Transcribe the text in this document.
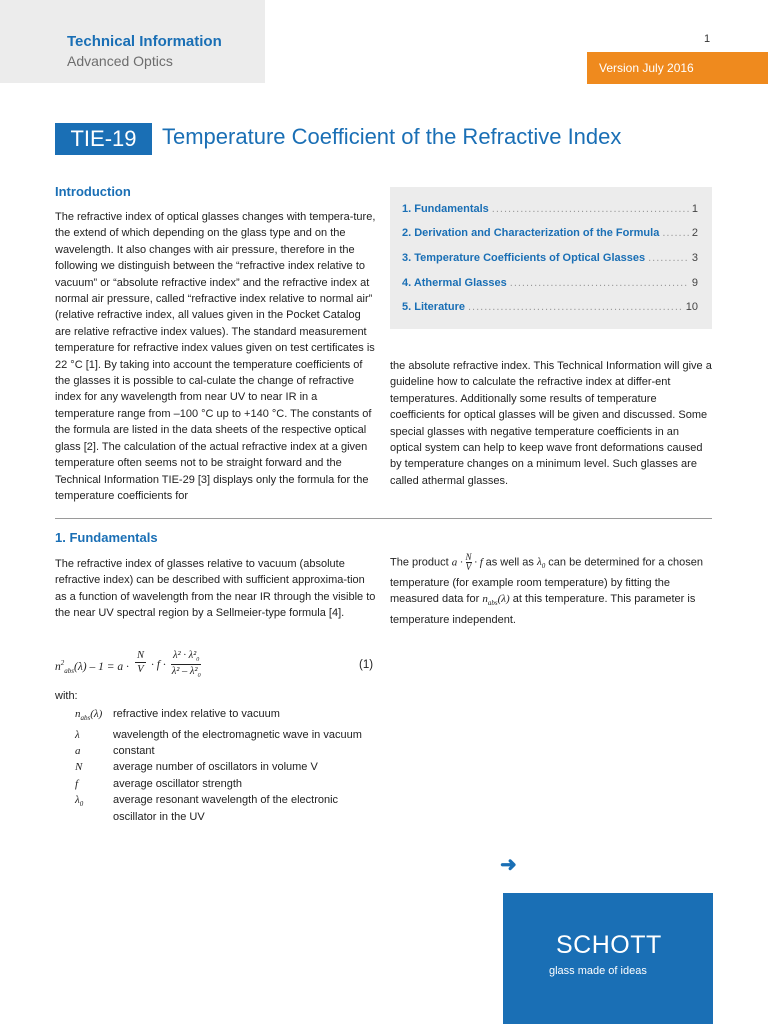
Technical Information
Advanced Optics
1
Version July 2016
TIE-19	Temperature Coefficient of the Refractive Index
Introduction
The refractive index of optical glasses changes with tempera-ture, the extend of which depending on the glass type and on the wavelength. It also changes with air pressure, therefore in the following we distinguish between the “refractive index relative to vacuum” or “absolute refractive index” and the refractive index at normal air pressure, called “refractive index relative to normal air” (relative refractive index, all values given in the Pocket Catalog are relative refractive index values). The standard measurement temperature for refractive index values given on test certificates is 22 °C [1]. By taking into account the temperature coefficients of the glasses it is possible to cal-culate the change of refractive index for any wavelength from near UV to near IR in a temperature range from –100 °C up to +140 °C. The constants of the formula are listed in the data sheets of the respective optical glass [2]. The calculation of the actual refractive index at a given temperature often seems not to be straight forward and the Technical Information TIE-29 [3] displays only the formula for the temperature coefficients for
1. Fundamentals .....	1
2. Derivation and Characterization of the Formula .....	2
3. Temperature Coefficients of Optical Glasses .....	3
4. Athermal Glasses .....	9
5. Literature .....	10
the absolute refractive index. This Technical Information will give a guideline how to calculate the refractive index at differ-ent temperatures. Additionally some results of temperature coefficients for optical glasses will be given and discussed. Some special glasses with negative temperature coefficients in an optical system can help to keep wave front deformations caused by temperature changes on a minimum level. Such glasses are called athermal glasses.
1. Fundamentals
The refractive index of glasses relative to vacuum (absolute refractive index) can be described with sufficient approxima-tion as a function of wavelength from the near IR through the visible to the near UV spectral region by a Sellmeier-type formula [4].
$n^2_{abs}(\lambda) - 1 = a \cdot \frac{N}{V} \cdot f \cdot \frac{\lambda^2 \cdot \lambda^2_0}{\lambda^2 - \lambda^2_0}$	(1)
with:
$n_{abs}(\lambda)$ refractive index relative to vacuum
λ	wavelength of the electromagnetic wave in vacuum
a	constant
N	average number of oscillators in volume V
f	average oscillator strength
$\lambda_0$	average resonant wavelength of the electronic oscillator in the UV
The product $a \cdot \frac{N}{V} \cdot f$ as well as $\lambda_0$ can be determined for a chosen temperature (for example room temperature) by fitting the measured data for $n_{abs}(\lambda)$ at this temperature. This parameter is temperature independent.
➜
SCHOTT
glass made of ideas
